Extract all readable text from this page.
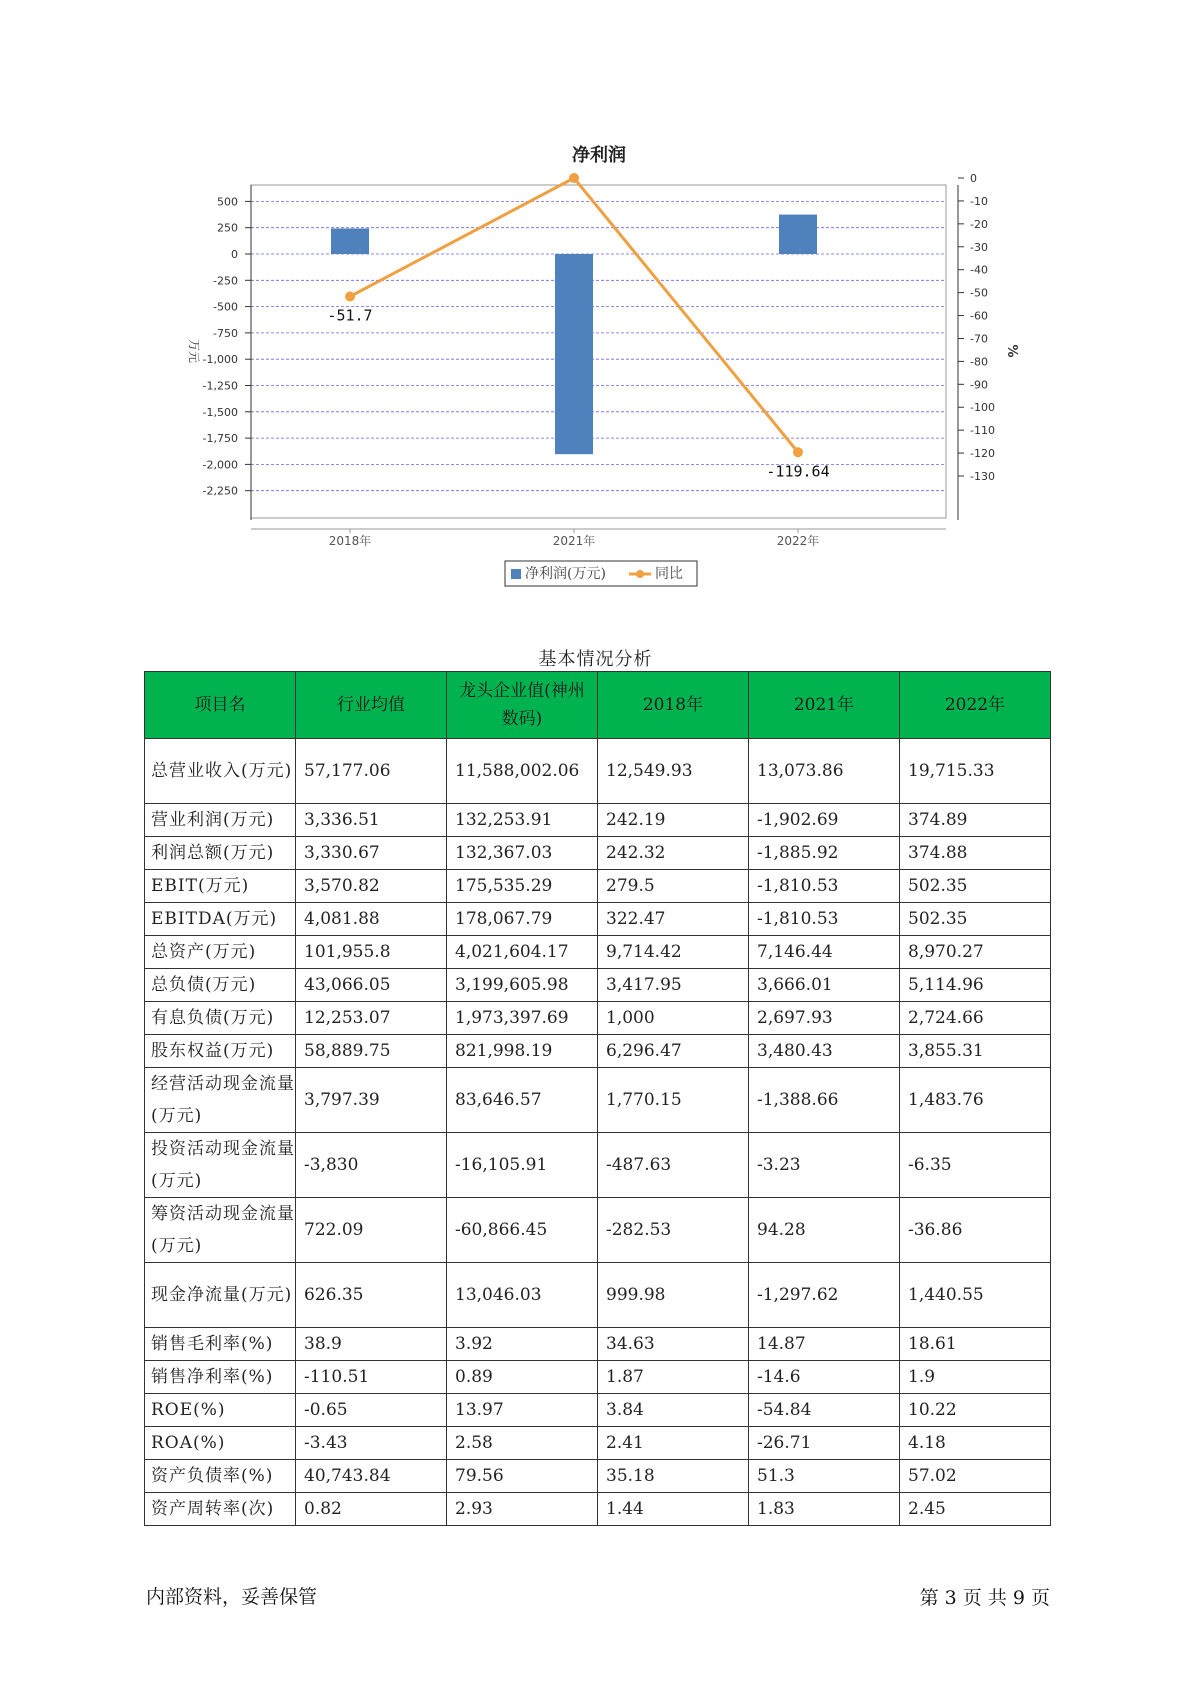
净利润
500
250
0
-250
-500
-750
-1,000
-1,250
-1,500
-1,750
-2,000
-2,250
0
-10
-20
-30
-40
-50
-60
-70
-80
-90
-100
-110
-120
-130
-51.7
-119.64
2018年	2021年	2022年
万元	%
净利润(万元)	同比
基本情况分析
项目名	行业均值	龙头企业值(神州数码)	2018年	2021年	2022年
总营业收入(万元)	57,177.06	11,588,002.06	12,549.93	13,073.86	19,715.33
营业利润(万元)	3,336.51	132,253.91	242.19	-1,902.69	374.89
利润总额(万元)	3,330.67	132,367.03	242.32	-1,885.92	374.88
EBIT(万元)	3,570.82	175,535.29	279.5	-1,810.53	502.35
EBITDA(万元)	4,081.88	178,067.79	322.47	-1,810.53	502.35
总资产(万元)	101,955.8	4,021,604.17	9,714.42	7,146.44	8,970.27
总负债(万元)	43,066.05	3,199,605.98	3,417.95	3,666.01	5,114.96
有息负债(万元)	12,253.07	1,973,397.69	1,000	2,697.93	2,724.66
股东权益(万元)	58,889.75	821,998.19	6,296.47	3,480.43	3,855.31
经营活动现金流量(万元)	3,797.39	83,646.57	1,770.15	-1,388.66	1,483.76
投资活动现金流量(万元)	-3,830	-16,105.91	-487.63	-3.23	-6.35
筹资活动现金流量(万元)	722.09	-60,866.45	-282.53	94.28	-36.86
现金净流量(万元)	626.35	13,046.03	999.98	-1,297.62	1,440.55
销售毛利率(%)	38.9	3.92	34.63	14.87	18.61
销售净利率(%)	-110.51	0.89	1.87	-14.6	1.9
ROE(%)	-0.65	13.97	3.84	-54.84	10.22
ROA(%)	-3.43	2.58	2.41	-26.71	4.18
资产负债率(%)	40,743.84	79.56	35.18	51.3	57.02
资产周转率(次)	0.82	2.93	1.44	1.83	2.45
内部资料，妥善保管	第 3 页 共 9 页
